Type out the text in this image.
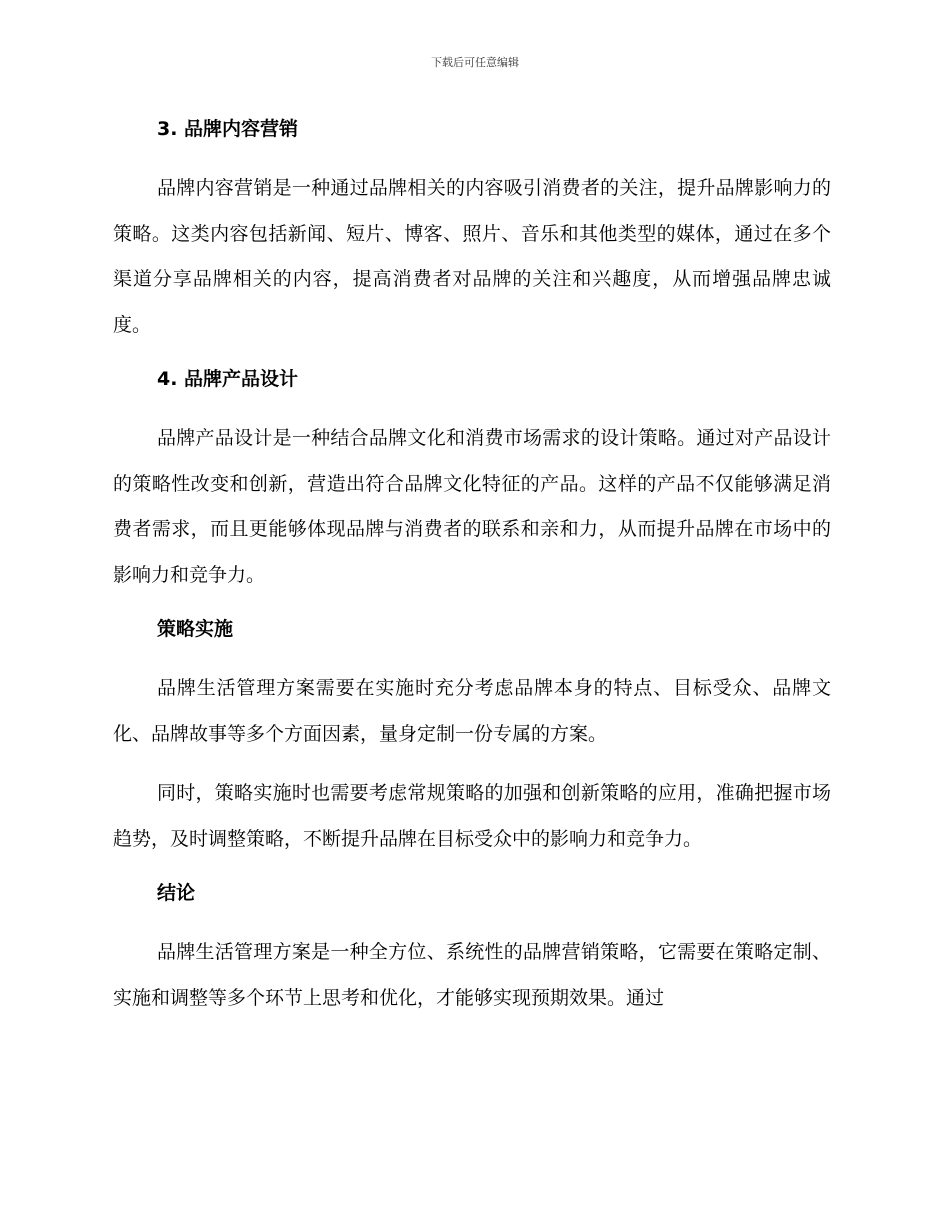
下载后可任意编辑
3. 品牌内容营销

品牌内容营销是一种通过品牌相关的内容吸引消费者的关注，提升品牌影响力的策略。这类内容包括新闻、短片、博客、照片、音乐和其他类型的媒体，通过在多个渠道分享品牌相关的内容，提高消费者对品牌的关注和兴趣度，从而增强品牌忠诚度。

4. 品牌产品设计

品牌产品设计是一种结合品牌文化和消费市场需求的设计策略。通过对产品设计的策略性改变和创新，营造出符合品牌文化特征的产品。这样的产品不仅能够满足消费者需求，而且更能够体现品牌与消费者的联系和亲和力，从而提升品牌在市场中的影响力和竞争力。

策略实施

品牌生活管理方案需要在实施时充分考虑品牌本身的特点、目标受众、品牌文化、品牌故事等多个方面因素，量身定制一份专属的方案。

同时，策略实施时也需要考虑常规策略的加强和创新策略的应用，准确把握市场趋势，及时调整策略，不断提升品牌在目标受众中的影响力和竞争力。

结论

品牌生活管理方案是一种全方位、系统性的品牌营销策略，它需要在策略定制、实施和调整等多个环节上思考和优化，才能够实现预期效果。通过
